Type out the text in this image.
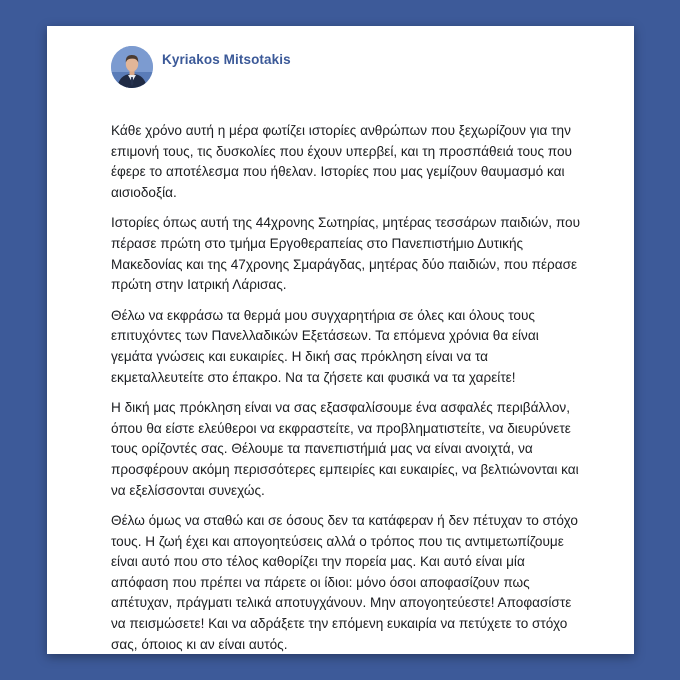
Kyriakos Mitsotakis

Κάθε χρόνο αυτή η μέρα φωτίζει ιστορίες ανθρώπων που ξεχωρίζουν για την επιμονή τους, τις δυσκολίες που έχουν υπερβεί, και τη προσπάθειά τους που έφερε το αποτέλεσμα που ήθελαν. Ιστορίες που μας γεμίζουν θαυμασμό και αισιοδοξία.

Ιστορίες όπως αυτή της 44χρονης Σωτηρίας, μητέρας τεσσάρων παιδιών, που πέρασε πρώτη στο τμήμα Εργοθεραπείας στο Πανεπιστήμιο Δυτικής Μακεδονίας και της 47χρονης Σμαράγδας, μητέρας δύο παιδιών, που πέρασε πρώτη στην Ιατρική Λάρισας.

Θέλω να εκφράσω τα θερμά μου συγχαρητήρια σε όλες και όλους τους επιτυχόντες των Πανελλαδικών Εξετάσεων. Τα επόμενα χρόνια θα είναι γεμάτα γνώσεις και ευκαιρίες. Η δική σας πρόκληση είναι να τα εκμεταλλευτείτε στο έπακρο. Να τα ζήσετε και φυσικά να τα χαρείτε!

Η δική μας πρόκληση είναι να σας εξασφαλίσουμε ένα ασφαλές περιβάλλον, όπου θα είστε ελεύθεροι να εκφραστείτε, να προβληματιστείτε, να διευρύνετε τους ορίζοντές σας. Θέλουμε τα πανεπιστήμιά μας να είναι ανοιχτά, να προσφέρουν ακόμη περισσότερες εμπειρίες και ευκαιρίες, να βελτιώνονται και να εξελίσσονται συνεχώς.

Θέλω όμως να σταθώ και σε όσους δεν τα κατάφεραν ή δεν πέτυχαν το στόχο τους. Η ζωή έχει και απογοητεύσεις αλλά ο τρόπος που τις αντιμετωπίζουμε είναι αυτό που στο τέλος καθορίζει την πορεία μας. Και αυτό είναι μία απόφαση που πρέπει να πάρετε οι ίδιοι: μόνο όσοι αποφασίζουν πως απέτυχαν, πράγματι τελικά αποτυγχάνουν. Μην απογοητεύεστε! Αποφασίστε να πεισμώσετε! Και να αδράξετε την επόμενη ευκαιρία να πετύχετε το στόχο σας, όποιος κι αν είναι αυτός.
